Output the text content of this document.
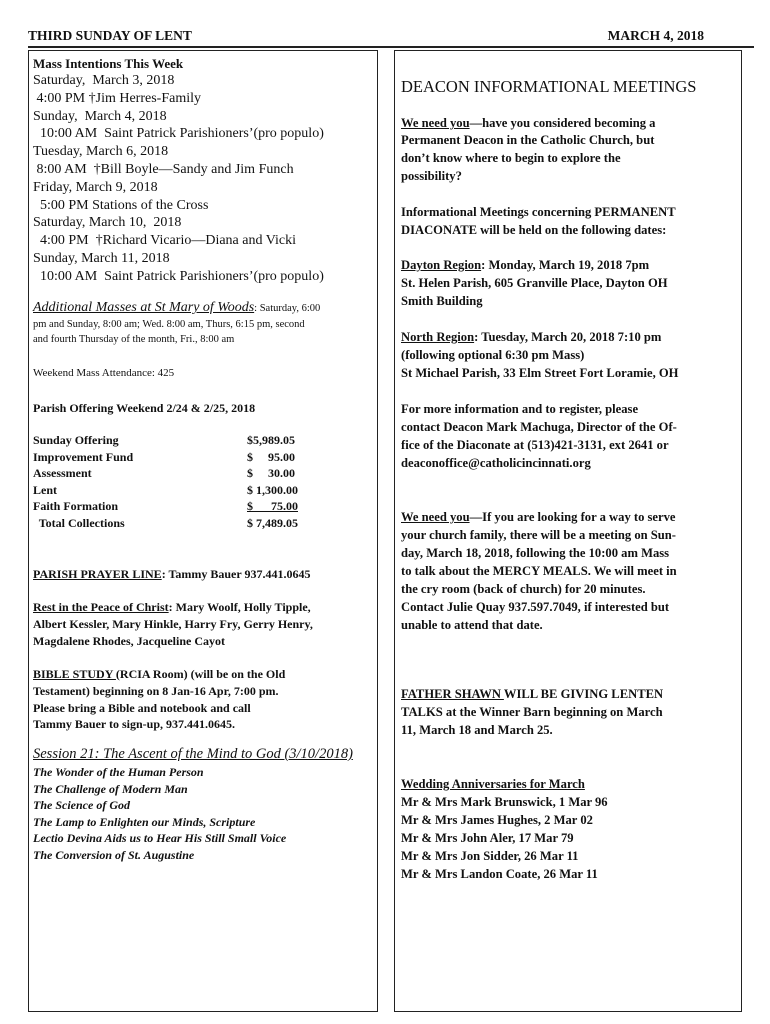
THIRD SUNDAY OF LENT	MARCH 4, 2018
Mass Intentions This Week
Saturday,  March 3, 2018
4:00 PM †Jim Herres-Family
Sunday,  March 4, 2018
10:00 AM  Saint Patrick Parishioners’(pro populo)
Tuesday, March 6, 2018
8:00 AM  †Bill Boyle—Sandy and Jim Funch
Friday, March 9, 2018
5:00 PM Stations of the Cross
Saturday, March 10,  2018
4:00 PM  †Richard Vicario—Diana and Vicki
Sunday, March 11, 2018
10:00 AM  Saint Patrick Parishioners’(pro populo)
Additional Masses at St Mary of Woods: Saturday, 6:00
pm and Sunday, 8:00 am; Wed. 8:00 am, Thurs, 6:15 pm, second
and fourth Thursday of the month, Fri., 8:00 am
Weekend Mass Attendance: 425
Parish Offering Weekend 2/24 & 2/25, 2018
Sunday Offering	$5,989.05
Improvement Fund	$     95.00
Assessment	$     30.00
Lent	$ 1,300.00
Faith Formation	$      75.00
Total Collections	$ 7,489.05
PARISH PRAYER LINE: Tammy Bauer 937.441.0645
Rest in the Peace of Christ: Mary Woolf, Holly Tipple,
Albert Kessler, Mary Hinkle, Harry Fry, Gerry Henry,
Magdalene Rhodes, Jacqueline Cayot
BIBLE STUDY (RCIA Room) (will be on the Old
Testament) beginning on 8 Jan-16 Apr, 7:00 pm.
Please bring a Bible and notebook and call
Tammy Bauer to sign-up, 937.441.0645.
Session 21: The Ascent of the Mind to God (3/10/2018)
The Wonder of the Human Person
The Challenge of Modern Man
The Science of God
The Lamp to Enlighten our Minds, Scripture
Lectio Devina Aids us to Hear His Still Small Voice
The Conversion of St. Augustine
DEACON INFORMATIONAL MEETINGS
We need you—have you considered becoming a
Permanent Deacon in the Catholic Church, but
don’t know where to begin to explore the
possibility?
Informational Meetings concerning PERMANENT
DIACONATE will be held on the following dates:
Dayton Region: Monday, March 19, 2018 7pm
St. Helen Parish, 605 Granville Place, Dayton OH
Smith Building
North Region: Tuesday, March 20, 2018 7:10 pm
(following optional 6:30 pm Mass)
St Michael Parish, 33 Elm Street Fort Loramie, OH
For more information and to register, please
contact Deacon Mark Machuga, Director of the Of-
fice of the Diaconate at (513)421-3131, ext 2641 or
deaconoffice@catholicincinnati.org
We need you—If you are looking for a way to serve
your church family, there will be a meeting on Sun-
day, March 18, 2018, following the 10:00 am Mass
to talk about the MERCY MEALS. We will meet in
the cry room (back of church) for 20 minutes.
Contact Julie Quay 937.597.7049, if interested but
unable to attend that date.
FATHER SHAWN WILL BE GIVING LENTEN
TALKS at the Winner Barn beginning on March
11, March 18 and March 25.
Wedding Anniversaries for March
Mr & Mrs Mark Brunswick, 1 Mar 96
Mr & Mrs James Hughes, 2 Mar 02
Mr & Mrs John Aler, 17 Mar 79
Mr & Mrs Jon Sidder, 26 Mar 11
Mr & Mrs Landon Coate, 26 Mar 11
